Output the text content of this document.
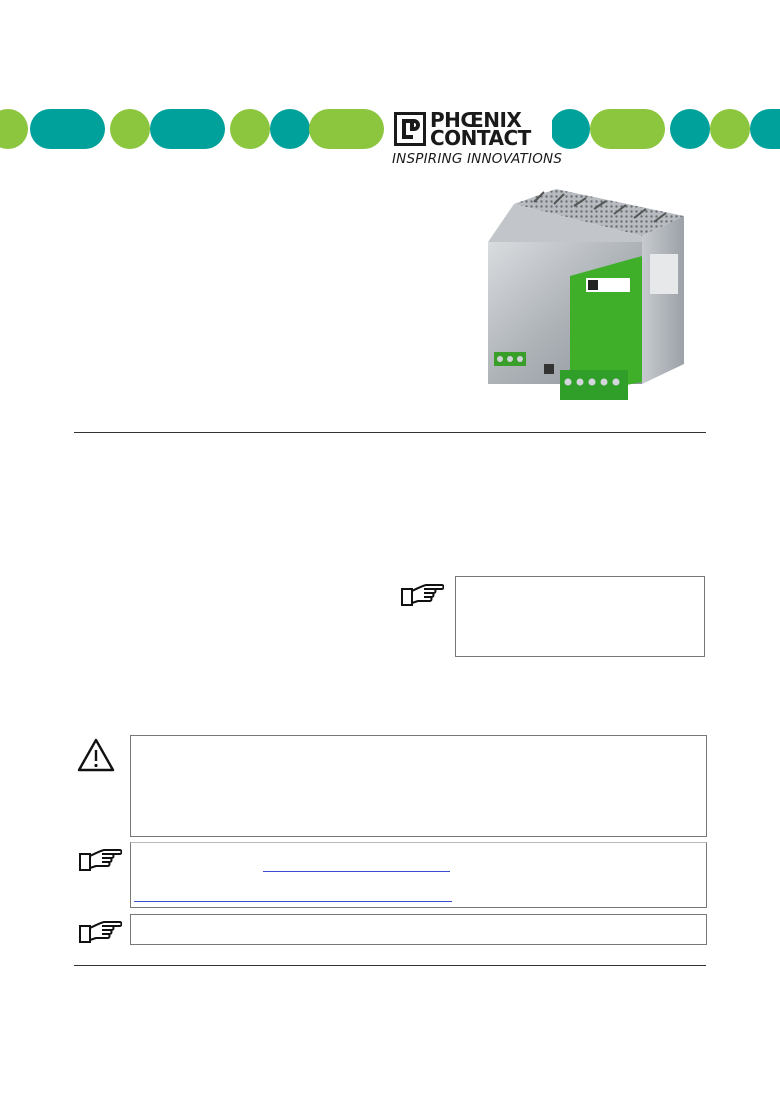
PHŒNIX
CONTACT
INSPIRING INNOVATIONS
